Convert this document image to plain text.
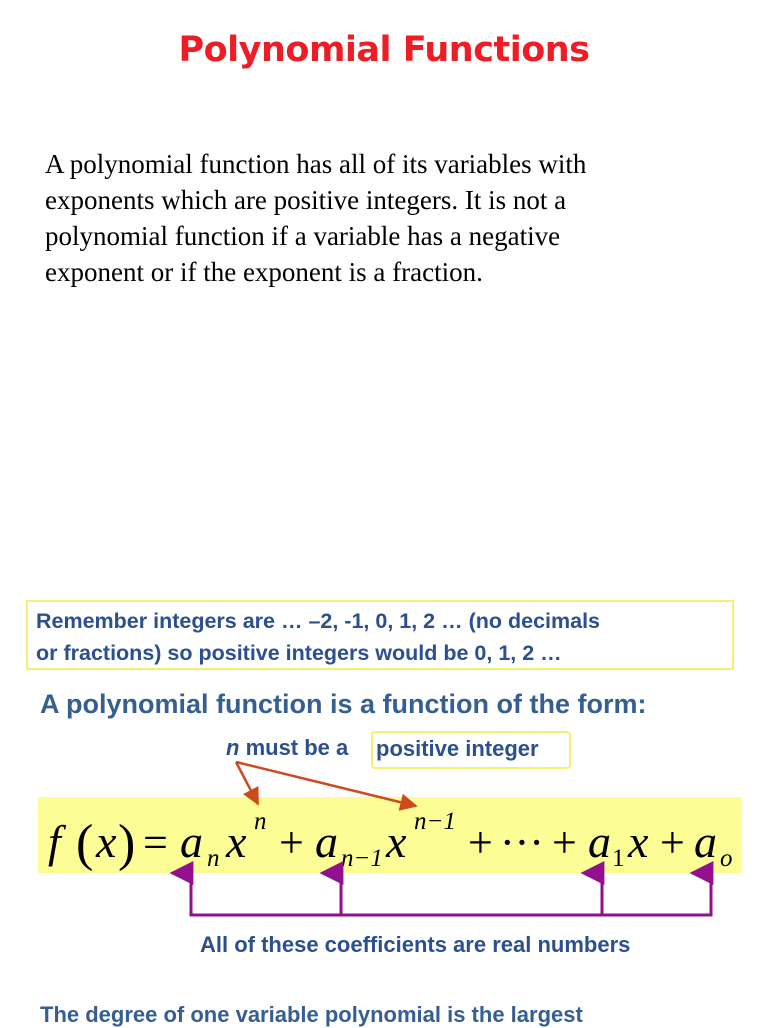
Polynomial Functions
A polynomial function has all of its variables with
exponents which are positive integers. It is not a
polynomial function if a variable has a negative
exponent or if the exponent is a fraction.
Remember integers are … –2, -1, 0, 1, 2 … (no decimals
or fractions) so positive integers would be 0, 1, 2 …
A polynomial function is a function of the form:
n must be a positive integer
f ( x ) = a n x n + a n−1 x n−1 + ··· + a 1 x + a o
All of these coefficients are real numbers
The degree of one variable polynomial is the largest
